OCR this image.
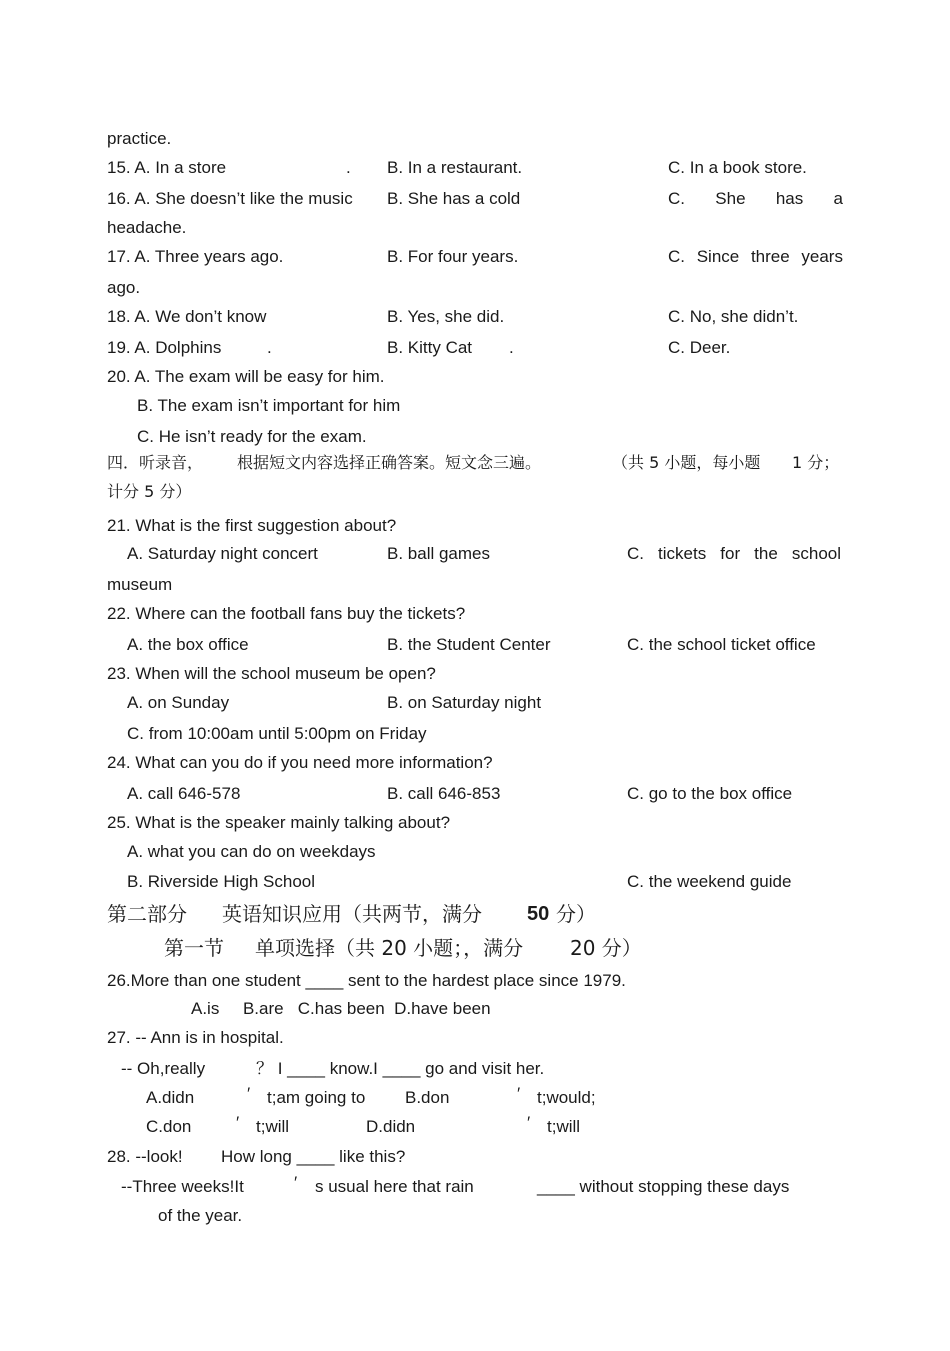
practice.
15. A. In a store	. B. In a restaurant.	C. In a book store.
16. A. She doesn’t like the music B. She has a cold	C. She has a
headache.
17. A. Three years ago.	B. For four years.	C. Since three years
ago.
18. A. We don’t know	B. Yes, she did.	C. No, she didn’t.
19. A. Dolphins	.	B. Kitty Cat .	C. Deer.
20. A. The exam will be easy for him.
B. The exam isn’t important for him
C. He isn’t ready for the exam.
四．听录音， 根据短文内容选择正确答案。短文念三遍。	（共 5 小题，每小题 1 分；
计分 5 分）
21. What is the first suggestion about?
A. Saturday night concert	B. ball games	C. tickets for the school
museum
22. Where can the football fans buy the tickets?
A. the box office	B. the Student Center	C. the school ticket office
23. When will the school museum be open?
A. on Sunday	B. on Saturday night
C. from 10:00am until 5:00pm on Friday
24. What can you do if you need more information?
A. call 646-578	B. call 646-853	C. go to the box office
25. What is the speaker mainly talking about?
A. what you can do on weekdays
B. Riverside High School	C. the weekend guide
第二部分 英语知识应用（共两节，满分 50 分）
第一节 单项选择（共 20 小题；，满分 20 分）
26.More than one student ____ sent to the hardest place since 1979.
A.is     B.are   C.has been  D.have been
27. -- Ann is in hospital.
-- Oh,really	？ I ____ know.I ____ go and visit her.
A.didn	′ t;am going to B.don	′ t;would;
C.don	′ t;will	D.didn	′ t;will
28. --look! How long ____ like this?
--Three weeks!It	′ s usual here that rain	____ without stopping these days
of the year.
